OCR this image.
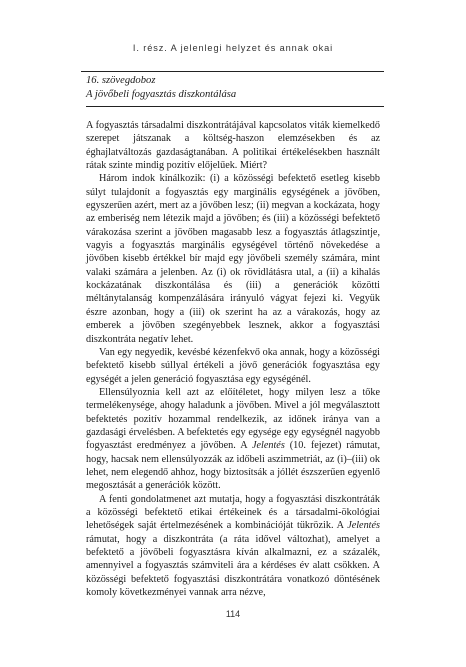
I. rész. A jelenlegi helyzet és annak okai
16. szövegdoboz
A jövőbeli fogyasztás diszkontálása

A fogyasztás társadalmi diszkontrátájával kapcsolatos viták kiemelkedő szerepet játszanak a költség-haszon elemzésekben és az éghajlatváltozás gazdaságtanában. A politikai értékelésekben használt rátak szinte mindig pozitív előjelűek. Miért?

Három indok kínálkozik: (i) a közösségi befektető esetleg kisebb súlyt tulajdonít a fogyasztás egy marginális egységének a jövőben, egyszerűen azért, mert az a jövőben lesz; (ii) megvan a kockázata, hogy az emberiség nem létezik majd a jövőben; és (iii) a közösségi befektető várakozása szerint a jövőben magasabb lesz a fogyasztás átlagszintje, vagyis a fogyasztás marginális egységével történő növekedése a jövőben kisebb értékkel bír majd egy jövőbeli személy számára, mint valaki számára a jelenben. Az (i) ok rövidlátásra utal, a (ii) a kihalás kockázatának diszkontálása és (iii) a generációk közötti méltánytalanság kompenzálására irányuló vágyat fejezi ki. Vegyük észre azonban, hogy a (iii) ok szerint ha az a várakozás, hogy az emberek a jövőben szegényebbek lesznek, akkor a fogyasztási diszkontráta negatív lehet.

Van egy negyedik, kevésbé kézenfekvő oka annak, hogy a közösségi befektető kisebb súllyal értékeli a jövő generációk fogyasztása egy egységét a jelen generáció fogyasztása egy egységénél.

Ellensúlyoznia kell azt az előítéletet, hogy milyen lesz a tőke termelékenysége, ahogy haladunk a jövőben. Mivel a jól megválasztott befektetés pozitív hozammal rendelkezik, az időnek iránya van a gazdasági érvelésben. A befektetés egy egysége egy egységnél nagyobb fogyasztást eredményez a jövőben. A Jelentés (10. fejezet) rámutat, hogy, hacsak nem ellensúlyozzák az időbeli aszimmetriát, az (i)–(iii) ok lehet, nem elegendő ahhoz, hogy biztosítsák a jóllét észszerűen egyenlő megosztását a generációk között.

A fenti gondolatmenet azt mutatja, hogy a fogyasztási diszkontráták a közösségi befektető etikai értékeinek és a társadalmi-ökológiai lehetőségek saját értelmezésének a kombinációját tükrözik. A Jelentés rámutat, hogy a diszkontráta (a ráta idővel változhat), amelyet a befektető a jövőbeli fogyasztásra kíván alkalmazni, ez a százalék, amennyivel a fogyasztás számviteli ára a kérdéses év alatt csökken. A közösségi befektető fogyasztási diszkontrátára vonatkozó döntésének komoly következményei vannak arra nézve,

114
